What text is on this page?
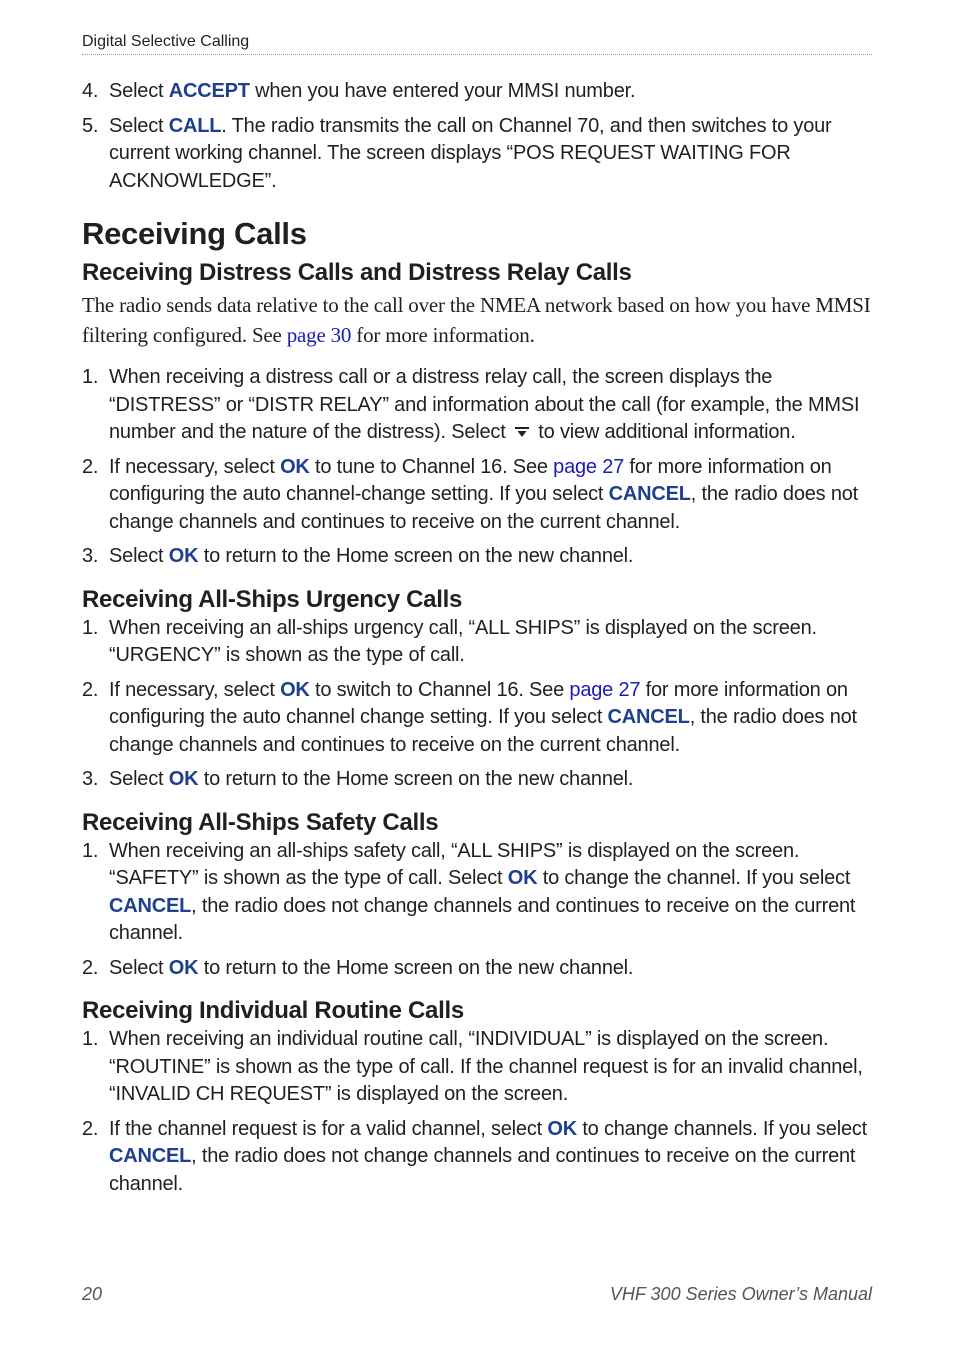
Digital Selective Calling
4. Select ACCEPT when you have entered your MMSI number.
5. Select CALL. The radio transmits the call on Channel 70, and then switches to your current working channel. The screen displays “POS REQUEST WAITING FOR ACKNOWLEDGE”.
Receiving Calls
Receiving Distress Calls and Distress Relay Calls

The radio sends data relative to the call over the NMEA network based on how you have MMSI filtering configured. See page 30 for more information.

1. When receiving a distress call or a distress relay call, the screen displays the “DISTRESS” or “DISTR RELAY” and information about the call (for example, the MMSI number and the nature of the distress). Select  to view additional information.
2. If necessary, select OK to tune to Channel 16. See page 27 for more information on configuring the auto channel-change setting. If you select CANCEL, the radio does not change channels and continues to receive on the current channel.
3. Select OK to return to the Home screen on the new channel.
Receiving All-Ships Urgency Calls
1. When receiving an all-ships urgency call, “ALL SHIPS” is displayed on the screen. “URGENCY” is shown as the type of call.
2. If necessary, select OK to switch to Channel 16. See page 27 for more information on configuring the auto channel change setting. If you select CANCEL, the radio does not change channels and continues to receive on the current channel.
3. Select OK to return to the Home screen on the new channel.
Receiving All-Ships Safety Calls
1. When receiving an all-ships safety call, “ALL SHIPS” is displayed on the screen. “SAFETY” is shown as the type of call. Select OK to change the channel. If you select CANCEL, the radio does not change channels and continues to receive on the current channel.
2. Select OK to return to the Home screen on the new channel.
Receiving Individual Routine Calls
1. When receiving an individual routine call, “INDIVIDUAL” is displayed on the screen. “ROUTINE” is shown as the type of call. If the channel request is for an invalid channel, “INVALID CH REQUEST” is displayed on the screen.
2. If the channel request is for a valid channel, select OK to change channels. If you select CANCEL, the radio does not change channels and continues to receive on the current channel.
20	VHF 300 Series Owner’s Manual
